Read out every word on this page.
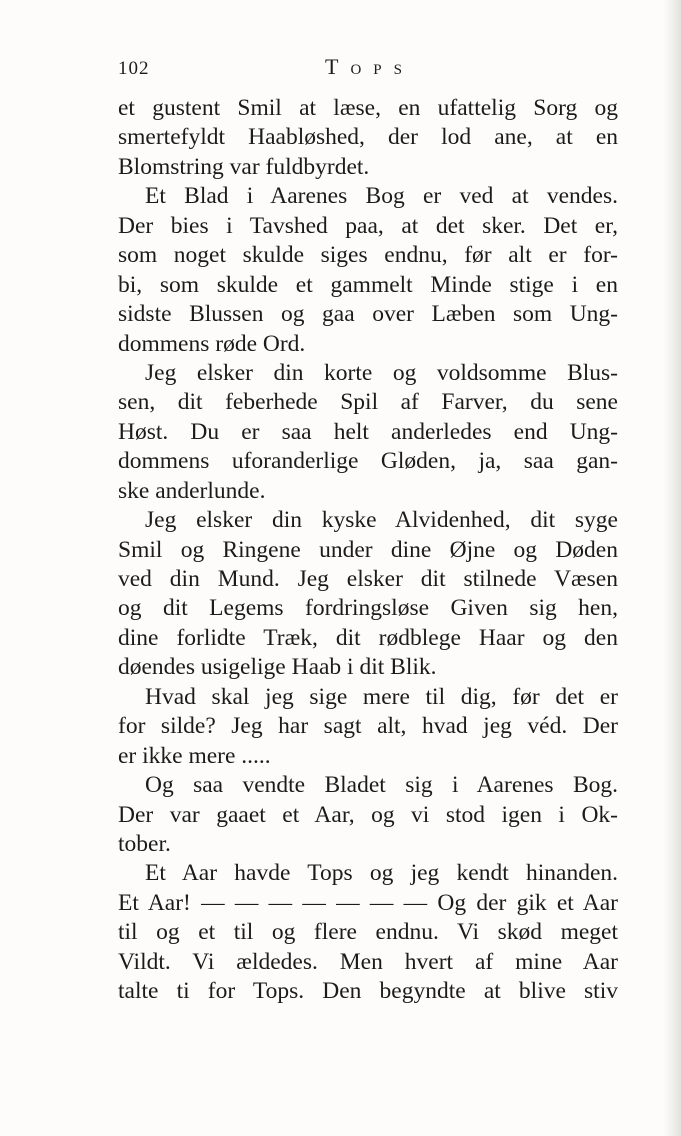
102	Tops
et gustent Smil at læse, en ufattelig Sorg og
smertefyldt Haabløshed, der lod ane, at en
Blomstring var fuldbyrdet.
Et Blad i Aarenes Bog er ved at vendes.
Der bies i Tavshed paa, at det sker. Det er,
som noget skulde siges endnu, før alt er for-
bi, som skulde et gammelt Minde stige i en
sidste Blussen og gaa over Læben som Ung-
dommens røde Ord.
Jeg elsker din korte og voldsomme Blus-
sen, dit feberhede Spil af Farver, du sene
Høst. Du er saa helt anderledes end Ung-
dommens uforanderlige Gløden, ja, saa gan-
ske anderlunde.
Jeg elsker din kyske Alvidenhed, dit syge
Smil og Ringene under dine Øjne og Døden
ved din Mund. Jeg elsker dit stilnede Væsen
og dit Legems fordringsløse Given sig hen,
dine forlidte Træk, dit rødblege Haar og den
døendes usigelige Haab i dit Blik.
Hvad skal jeg sige mere til dig, før det er
for silde? Jeg har sagt alt, hvad jeg véd. Der
er ikke mere .....
Og saa vendte Bladet sig i Aarenes Bog.
Der var gaaet et Aar, og vi stod igen i Ok-
tober.
Et Aar havde Tops og jeg kendt hinanden.
Et Aar! — — — — — — — Og der gik et Aar
til og et til og flere endnu. Vi skød meget
Vildt. Vi ældedes. Men hvert af mine Aar
talte ti for Tops. Den begyndte at blive stiv
